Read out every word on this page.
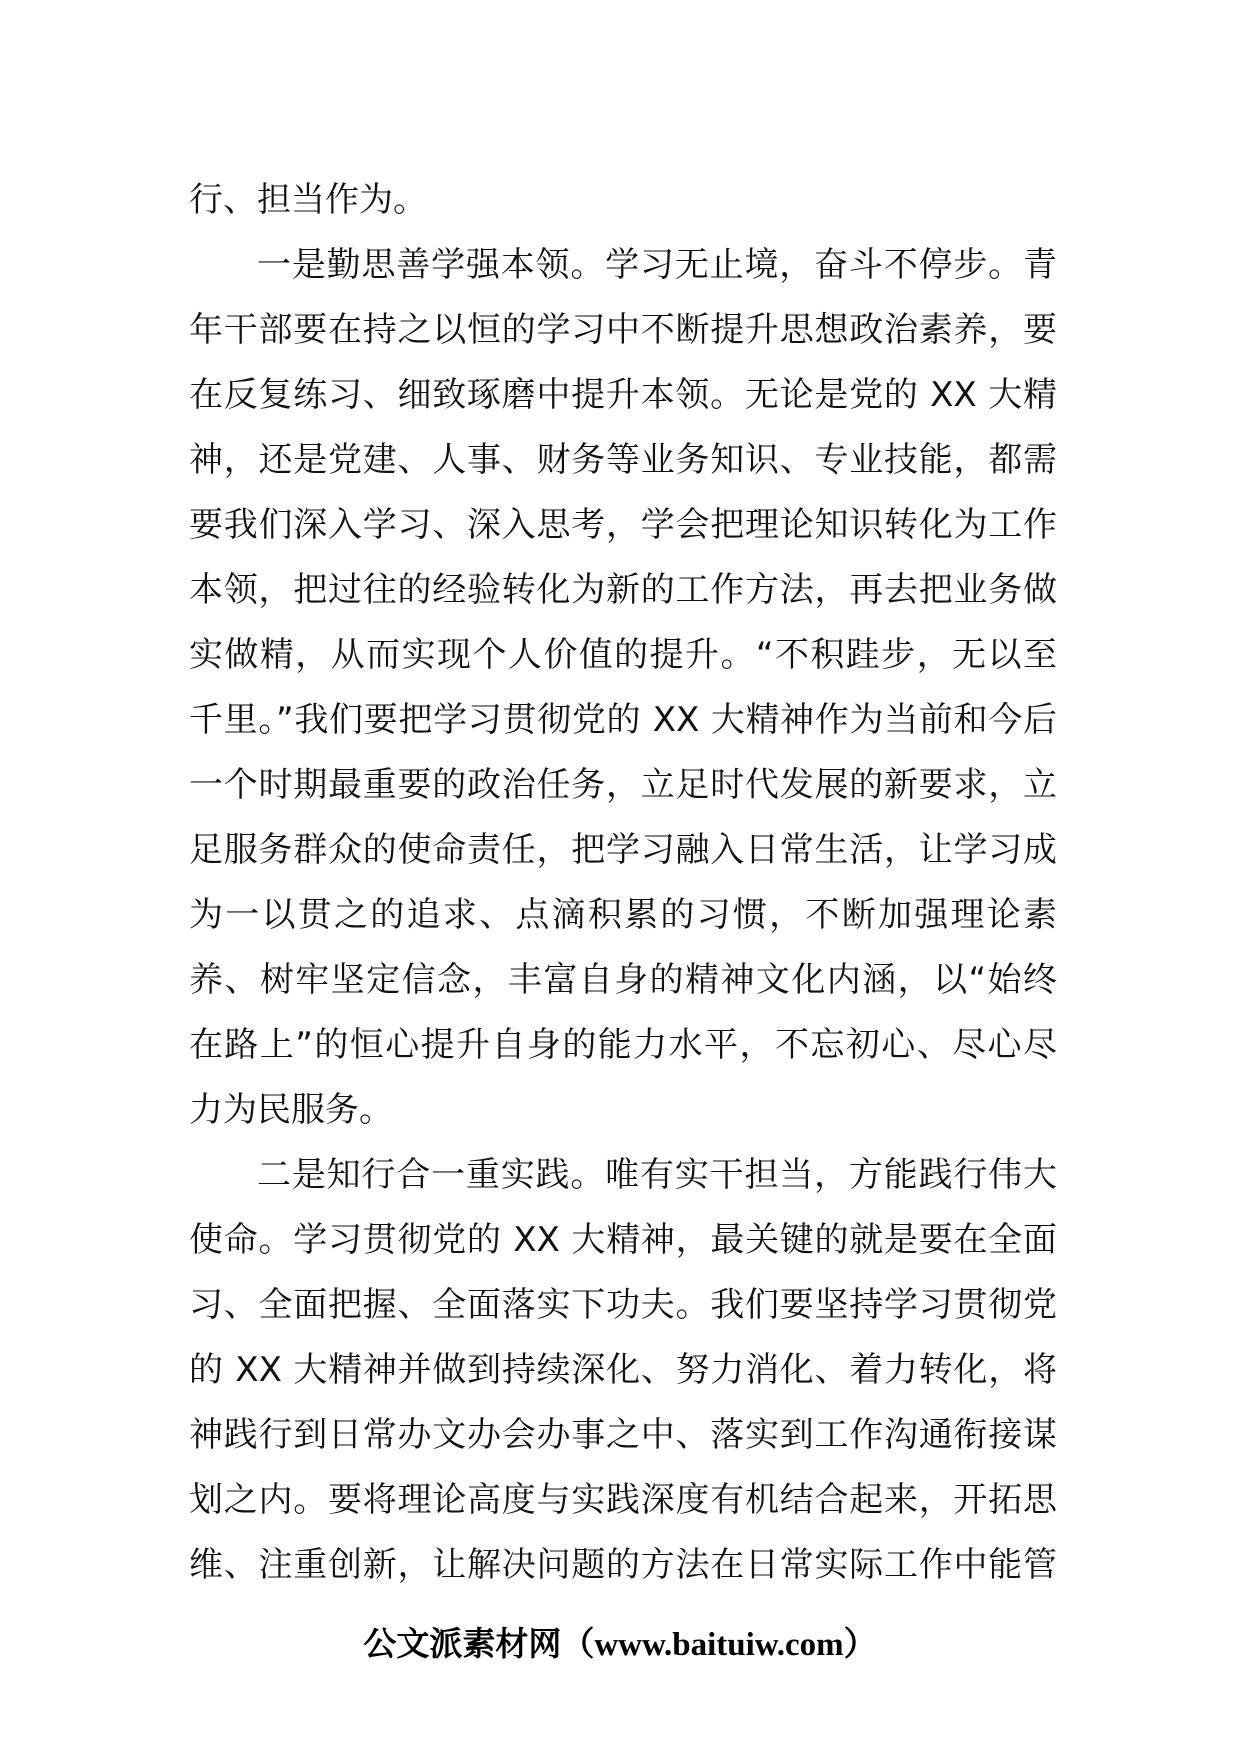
行、担当作为。
一是勤思善学强本领。学习无止境，奋斗不停步。青
年干部要在持之以恒的学习中不断提升思想政治素养，要
在反复练习、细致琢磨中提升本领。无论是党的 XX 大精
神，还是党建、人事、财务等业务知识、专业技能，都需
要我们深入学习、深入思考，学会把理论知识转化为工作
本领，把过往的经验转化为新的工作方法，再去把业务做
实做精，从而实现个人价值的提升。“不积跬步，无以至
千里。”我们要把学习贯彻党的 XX 大精神作为当前和今后
一个时期最重要的政治任务，立足时代发展的新要求，立
足服务群众的使命责任，把学习融入日常生活，让学习成
为一以贯之的追求、点滴积累的习惯，不断加强理论素
养、树牢坚定信念，丰富自身的精神文化内涵，以“始终
在路上”的恒心提升自身的能力水平，不忘初心、尽心尽
力为民服务。
二是知行合一重实践。唯有实干担当，方能践行伟大
使命。学习贯彻党的 XX 大精神，最关键的就是要在全面
习、全面把握、全面落实下功夫。我们要坚持学习贯彻党
的 XX 大精神并做到持续深化、努力消化、着力转化，将
神践行到日常办文办会办事之中、落实到工作沟通衔接谋
划之内。要将理论高度与实践深度有机结合起来，开拓思
维、注重创新，让解决问题的方法在日常实际工作中能管
公文派素材网（www.baituiw.com）
